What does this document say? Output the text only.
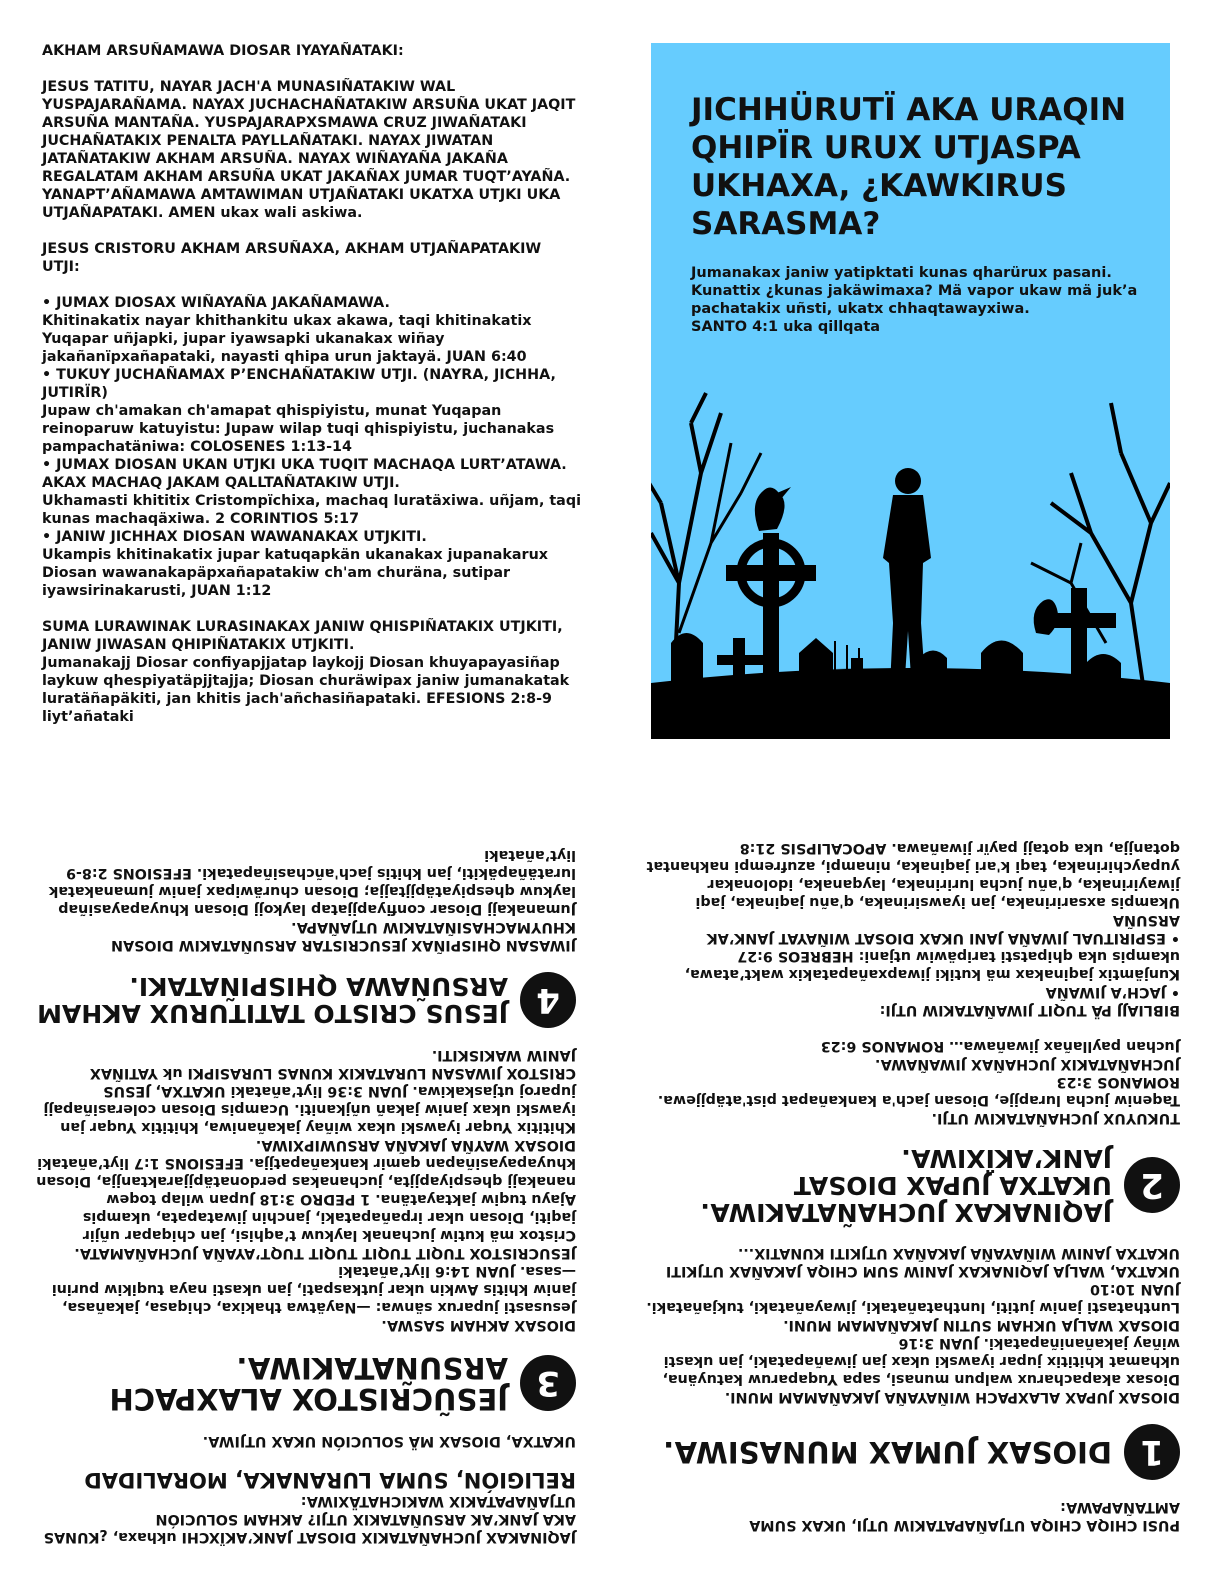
AKHAM ARSUÑAMAWA DIOSAR IYAYAÑATAKI:
JESUS TATITU, NAYAR JACH'A MUNASIÑATAKIW WAL YUSPAJARAÑAMA. NAYAX JUCHACHAÑATAKIW ARSUÑA UKAT JAQIT ARSUÑA MANTAÑA. YUSPAJARAPXSMAWA CRUZ JIWAÑATAKI JUCHAÑATAKIX PENALTA PAYLLAÑATAKI. NAYAX JIWATAN JATAÑATAKIW AKHAM ARSUÑA. NAYAX WIÑAYAÑA JAKAÑA REGALATAM AKHAM ARSUÑA UKAT JAKAÑAX JUMAR TUQT’AYAÑA. YANAPT’AÑAMAWA AMTAWIMAN UTJAÑATAKI UKATXA UTJKI UKA UTJAÑAPATAKI. AMEN ukax wali askiwa.
JESUS CRISTORU AKHAM ARSUÑAXA, AKHAM UTJAÑAPATAKIW UTJI:
• JUMAX DIOSAX WIÑAYAÑA JAKAÑAMAWA.
Khitinakatix nayar khithankitu ukax akawa, taqi khitinakatix Yuqapar uñjapki, jupar iyawsapki ukanakax wiñay jakañanïpxañapataki, nayasti qhipa urun jaktayä. JUAN 6:40
• TUKUY JUCHAÑAMAX P’ENCHAÑATAKIW UTJI. (NAYRA, JICHHA, JUTIRÏR)
Jupaw ch'amakan ch'amapat qhispiyistu, munat Yuqapan reinoparuw katuyistu: Jupaw wilap tuqi qhispiyistu, juchanakas pampachatäniwa: COLOSENES 1:13-14
• JUMAX DIOSAN UKAN UTJKI UKA TUQIT MACHAQA LURT’ATAWA. AKAX MACHAQ JAKAM QALLTAÑATAKIW UTJI.
Ukhamasti khititix Cristompïchixa, machaq luratäxiwa. uñjam, taqi kunas machaqäxiwa. 2 CORINTIOS 5:17
• JANIW JICHHAX DIOSAN WAWANAKAX UTJKITI.
Ukampis khitinakatix jupar katuqapkän ukanakax jupanakarux Diosan wawanakapäpxañapatakiw ch'am churäna, sutipar iyawsirinakarusti, JUAN 1:12
SUMA LURAWINAK LURASINAKAX JANIW QHISPIÑATAKIX UTJKITI, JANIW JIWASAN QHIPIÑATAKIX UTJKITI.
Jumanakajj Diosar confiyapjjatap laykojj Diosan khuyapayasiñap laykuw qhespiyatäpjjtajja; Diosan churäwipax janiw jumanakatak luratäñapäkiti, jan khitis jach'añchasiñapataki. EFESIONS 2:8-9 liyt’añataki
JICHHÜRUTÏ AKA URAQIN QHIPÏR URUX UTJASPA UKHAXA, ¿KAWKIRUS SARASMA?
Jumanakax janiw yatipktati kunas qharürux pasani. Kunattix ¿kunas jakäwimaxa? Mä vapor ukaw mä juk’a pachatakix uñsti, ukatx chhaqtawayxiwa.
SANTO 4:1 uka qillqata
JAQINAKAX JUCHAÑATAKIX DIOSAT JANK’AKÏXCHI ukhaxa, ¿KUNAS AKA JANK’AK ARSUÑATAKIX UTJI? AKHAM SOLUCIÓN UTJAÑAPATAKIX WAKICHATÄXIWA:
RELIGIÓN, SUMA LURANAKA, MORALIDAD
UKATXA, DIOSAX MÄ SOLUCIÓN UKAX UTJIWA.
3
JESŨCRISTOX ALAXPACH ARSUÑATAKIWA.
DIOSAX AKHAM SASWA.
Jesusasti juparux sänwa: —Nayätwa thakixa, chiqasa, jakañasa, janiw khitis Awkin ukar jutkaspati, jan ukasti naya tuqikiw purini —sasa. JUAN 14:6 liyt’añataki
JESUCRISTOX TUQIT TUQIT TUQIT TUQT’AYAÑA JUCHAÑAMATA.
Cristox mä kutiw juchanak laykuw t’aqhisi, jan chiqapar uñjir jaqiti, Diosan ukar irpañapataki, janchin jiwatapata, ukampis Ajayu tuqiw jaktayatäna. 1 PEDRO 3:18 Jupan wilap toqew nanakajj qhespiyapjjta, juchanakas perdonatäpjjaraktanjja, Diosan khuyapayasiñapan qamir kankañapatjja. EFESIONS 1:7 liyt’añataki
DIOSAX WAYÑA JAKAÑA ARSUWIPXIWA.
Khititix Yuqar iyawski ukax wiñay jakañaniwa, khititix Yuqar jan iyawski ukax janiw jakañ uñjkaniti. Ucampis Diosan colerasiñapajj juparoj utjaskakiwa. JUAN 3:36 liyt’añataki UKATXA, JESUS CRISTOX JIWASAN LURATAKIX KUNAS LURASIPKI uk YATIÑAX JANIW WAKISKITI.
4
JESUS CRISTO TATITURUX AKHAM ARSUÑAWA QHISPIÑATAKI.
JIWASAN QHISPIÑAX JESUCRISTAR ARSUÑATAKIW DIOSAN KHUYMACHASIÑATAKIW UTJAÑAPA.
Jumanakajj Diosar confiyapjjatap laykojj Diosan khuyapayasiñap laykuw qhespiyatäpjjtajja; Diosan churäwipax janiw jumanakatak luratäñapäkiti, jan khitis jach'añchasiñapataki. EFESIONS 2:8-9 liyt’añataki
PUSI CHIQA CHIQA UTJAÑAPATAKIW UTJI, UKAX SUMA AMTAÑAPAWA:
1
DIOSAX JUMAX MUNASIWA.
DIOSAX JUPAX ALAXPACH WIÑAYAÑA JAKAÑAMAM MUNI.
Diosax akapacharux walpun munasi, sapa Yuqaparuw katuyäna, ukhamat khititix jupar iyawski ukax jan jiwañapataki, jan ukasti wiñay jakañaniñapataki. JUAN 3:16
DIOSAX WALJA UKHAM SUTIN JAKAÑAMAM MUNI.
Lunthatasti janiw jutiti, lunthatañataki, jiwayañataki, tukjañataki. JUAN 10:10
UKATXA, WALJA JAQINAKAX JANIW SUM CHIQA JAKAÑAX UTJKITI UKATXA JANIW WIÑAYAÑA JAKAÑAX UTJKITI KUNATIX...
2
JAQINAKAX JUCHAÑATAKIWA. UKATXA JUPAX DIOSAT JANK’AKÏXIWA.
TUKUYUX JUCHAÑATAKIW UTJI.
Taqeniw jucha lurapjje, Diosan jach'a kankañapat pist'atäpjjewa. ROMANOS 3:23
JUCHAÑATAKIX JUCHAÑAX JIWAÑAWA.
Juchan payllañax jiwañawa… ROMANOS 6:23
BIBLIAJJ PÄ TUQIT JIWAÑATAKIW UTJI:
• JACH’A JIWAÑA
Kunjämtix jaqinakax mä kutiki jiwapxañapatakix wakt’atawa, ukampis uka qhipatsti taripäwiw utjani: HEBREOS 9:27
• ESPIRITUAL JIWAÑA JANI UKAX DIOSAT WIÑAYAT JANK’AK ARSUÑA
Ukampis axsaririnaka, jan iyawsirinaka, q'añu jaqinaka, jaqi jiwayirinaka, q'añu jucha luririnaka, layqanaka, idolonakar yupaychirinaka, taqi k'ari jaqinaka, ninampi, azufrempi nakhantat qotanjja, uka qotajj payïr jiwañawa. APOCALIPSIS 21:8
